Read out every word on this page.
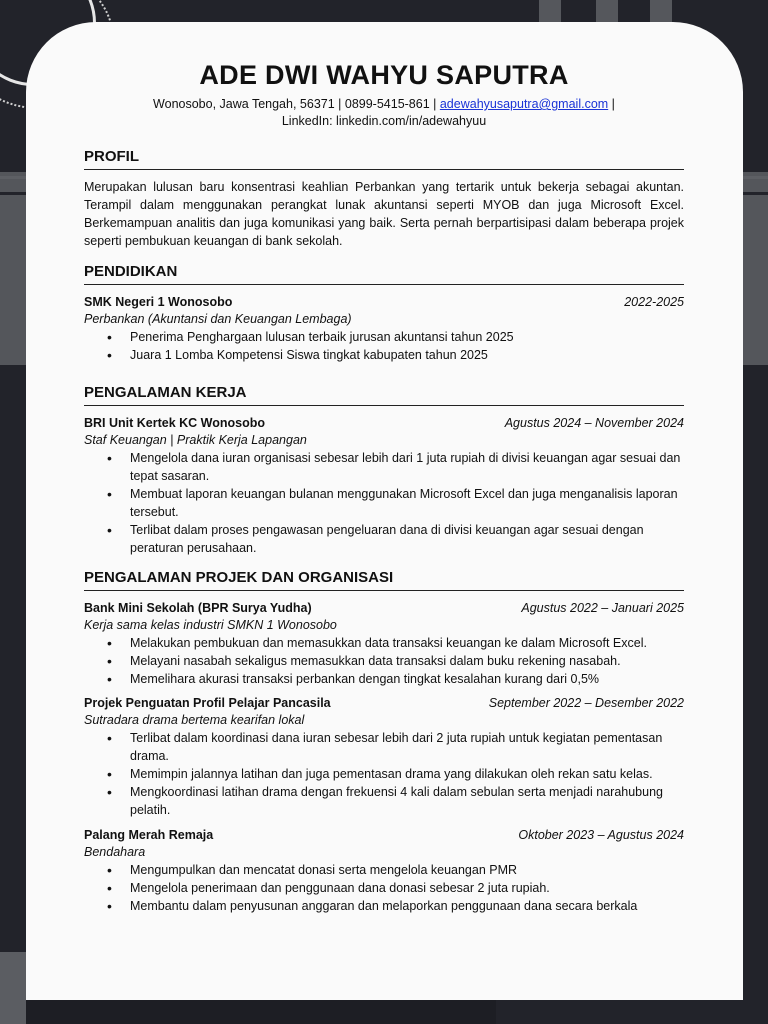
ADE DWI WAHYU SAPUTRA
Wonosobo, Jawa Tengah, 56371 | 0899-5415-861 | adewahyusaputra@gmail.com |
LinkedIn: linkedin.com/in/adewahyuu
PROFIL
Merupakan lulusan baru konsentrasi keahlian Perbankan yang tertarik untuk bekerja sebagai akuntan. Terampil dalam menggunakan perangkat lunak akuntansi seperti MYOB dan juga Microsoft Excel. Berkemampuan analitis dan juga komunikasi yang baik. Serta pernah berpartisipasi dalam beberapa projek seperti pembukuan keuangan di bank sekolah.
PENDIDIKAN
SMK Negeri 1 Wonosobo	2022-2025
Perbankan (Akuntansi dan Keuangan Lembaga)
• Penerima Penghargaan lulusan terbaik jurusan akuntansi tahun 2025
• Juara 1 Lomba Kompetensi Siswa tingkat kabupaten tahun 2025
PENGALAMAN KERJA
BRI Unit Kertek KC Wonosobo	Agustus 2024 – November 2024
Staf Keuangan | Praktik Kerja Lapangan
• Mengelola dana iuran organisasi sebesar lebih dari 1 juta rupiah di divisi keuangan agar sesuai dan tepat sasaran.
• Membuat laporan keuangan bulanan menggunakan Microsoft Excel dan juga menganalisis laporan tersebut.
• Terlibat dalam proses pengawasan pengeluaran dana di divisi keuangan agar sesuai dengan peraturan perusahaan.
PENGALAMAN PROJEK DAN ORGANISASI
Bank Mini Sekolah (BPR Surya Yudha)	Agustus 2022 – Januari 2025
Kerja sama kelas industri SMKN 1 Wonosobo
• Melakukan pembukuan dan memasukkan data transaksi keuangan ke dalam Microsoft Excel.
• Melayani nasabah sekaligus memasukkan data transaksi dalam buku rekening nasabah.
• Memelihara akurasi transaksi perbankan dengan tingkat kesalahan kurang dari 0,5%
Projek Penguatan Profil Pelajar Pancasila	September 2022 – Desember 2022
Sutradara drama bertema kearifan lokal
• Terlibat dalam koordinasi dana iuran sebesar lebih dari 2 juta rupiah untuk kegiatan pementasan drama.
• Memimpin jalannya latihan dan juga pementasan drama yang dilakukan oleh rekan satu kelas.
• Mengkoordinasi latihan drama dengan frekuensi 4 kali dalam sebulan serta menjadi narahubung pelatih.
Palang Merah Remaja	Oktober 2023 – Agustus 2024
Bendahara
• Mengumpulkan dan mencatat donasi serta mengelola keuangan PMR
• Mengelola penerimaan dan penggunaan dana donasi sebesar 2 juta rupiah.
• Membantu dalam penyusunan anggaran dan melaporkan penggunaan dana secara berkala
